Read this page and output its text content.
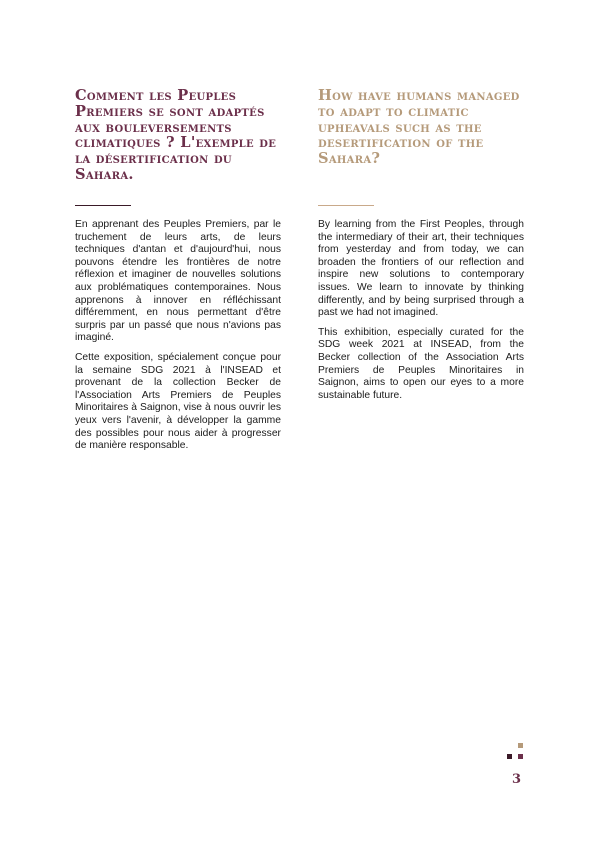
Comment les Peuples Premiers se sont adaptés aux bouleversements climatiques ? L'exemple de la désertification du Sahara.

En apprenant des Peuples Premiers, par le truchement de leurs arts, de leurs techniques d'antan et d'aujourd'hui, nous pouvons étendre les frontières de notre réflexion et imaginer de nouvelles solutions aux problématiques contemporaines. Nous apprenons à innover en réfléchissant différemment, en nous permettant d'être surpris par un passé que nous n'avions pas imaginé.

Cette exposition, spécialement conçue pour la semaine SDG 2021 à l'INSEAD et provenant de la collection Becker de l'Association Arts Premiers de Peuples Minoritaires à Saignon, vise à nous ouvrir les yeux vers l'avenir, à développer la gamme des possibles pour nous aider à progresser de manière responsable.

How have humans managed to adapt to climatic upheavals such as the desertification of the Sahara?

By learning from the First Peoples, through the intermediary of their art, their techniques from yesterday and from today, we can broaden the frontiers of our reflection and inspire new solutions to contemporary issues. We learn to innovate by thinking differently, and by being surprised through a past we had not imagined.

This exhibition, especially curated for the SDG week 2021 at INSEAD, from the Becker collection of the Association Arts Premiers de Peuples Minoritaires in Saignon, aims to open our eyes to a more sustainable future.

3
